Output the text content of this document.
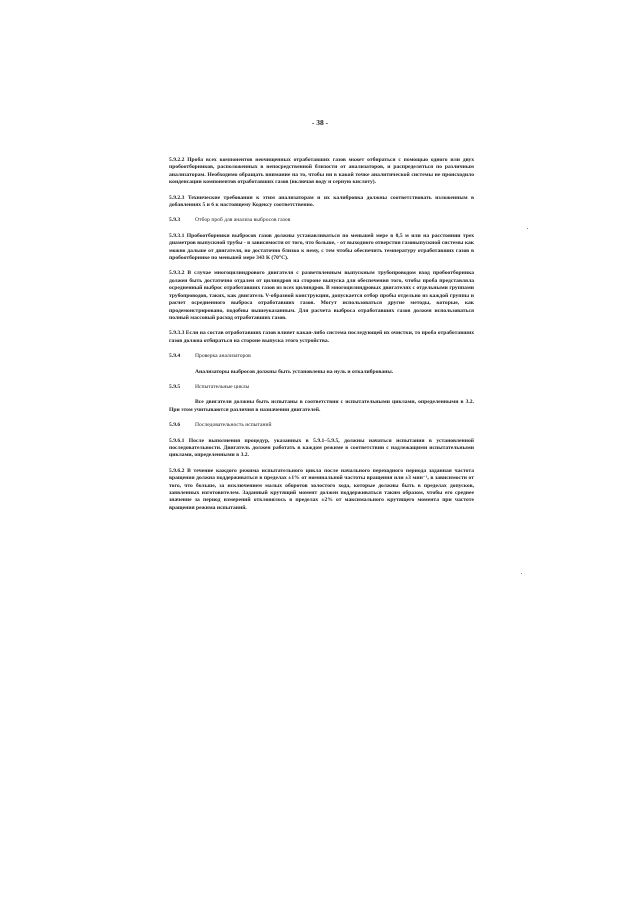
- 38 -

5.9.2.2 Проба всех компонентов неочищенных отработавших газов может отбираться с помощью одного или двух пробоотборников, расположенных в непосредственной близости от анализаторов, и распределяться по различным анализаторам. Необходимо обращать внимание на то, чтобы ни в какой точке аналитической системы не происходило конденсации компонентов отработавших газов (включая воду и серную кислоту).

5.9.2.3 Технические требования к этим анализаторам и их калибровка должны соответствовать изложенным в добавлениях 5 и 6 к настоящему Кодексу соответственно.

5.9.3	Отбор проб для анализа выбросов газов

5.9.3.1 Пробоотборники выбросов газов должны устанавливаться по меньшей мере в 0,5 м или на расстоянии трех диаметров выпускной трубы - в зависимости от того, что больше, - от выходного отверстия газовыпускной системы как можно дальше от двигателя, но достаточно близко к нему, с тем чтобы обеспечить температуру отработавших газов в пробоотборнике по меньшей мере 343 К (70°С).

5.9.3.2 В случае многоцилиндрового двигателя с разветвленным выпускным трубопроводом вход пробоотборника должен быть достаточно отдален от цилиндров на стороне выпуска для обеспечения того, чтобы проба представляла осредненный выброс отработавших газов из всех цилиндров. В многоцилиндровых двигателях с отдельными группами трубопроводов, таких, как двигатель V-образной конструкции, допускается отбор пробы отдельно из каждой группы и расчет осредненного выброса отработавших газов. Могут использоваться другие методы, которые, как продемонстрировано, подобны вышеуказанным. Для расчета выброса отработавших газов должен использоваться полный массовый расход отработавших газов.

5.9.3.3 Если на состав отработавших газов влияет какая-либо система последующей их очистки, то проба отработавших газов должна отбираться на стороне выпуска этого устройства.

5.9.4	Проверка анализаторов

Анализаторы выбросов должны быть установлены на нуль и откалиброваны.

5.9.5	Испытательные циклы

Все двигатели должны быть испытаны в соответствии с испытательными циклами, определенными в 3.2. При этом учитываются различия в назначении двигателей.

5.9.6	Последовательность испытаний

5.9.6.1 После выполнения процедур, указанных в 5.9.1–5.9.5, должны начаться испытания в установленной последовательности. Двигатель должен работать в каждом режиме в соответствии с надлежащими испытательными циклами, определенными в 3.2.

5.9.6.2 В течение каждого режима испытательного цикла после начального переходного периода заданная частота вращения должна поддерживаться в пределах ±1% от номинальной частоты вращения или ±3 мин⁻¹, в зависимости от того, что больше, за исключением малых оборотов холостого хода, которые должны быть в пределах допусков, заявленных изготовителем. Заданный крутящий момент должен поддерживаться таким образом, чтобы его среднее значение за период измерений отклонялось в пределах ±2% от максимального крутящего момента при частоте вращения режима испытаний.
